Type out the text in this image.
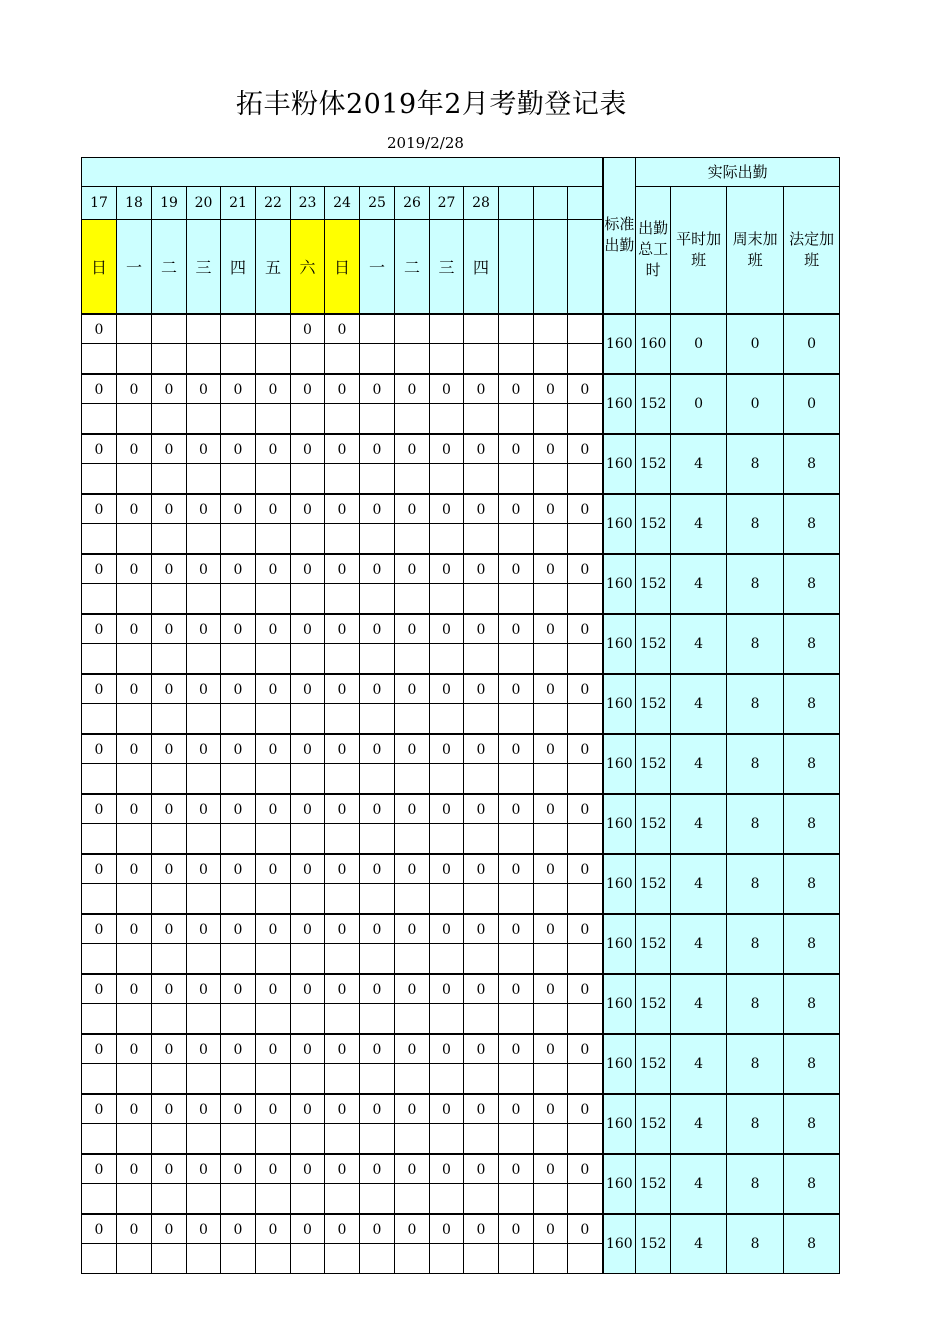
拓丰粉体2019年2月考勤登记表
2019/2/28
															标准出勤	实际出勤			
17	18	19	20	21	22	23	24	25	26	27	28					出勤总工时	平时加班	周末加班	法定加班
日	一	二	三	四	五	六	日	一	二	三	四								
0						0	0								160	160	0	0	0

0	0	0	0	0	0	0	0	0	0	0	0	0	0	0	160	152	0	0	0

0	0	0	0	0	0	0	0	0	0	0	0	0	0	0	160	152	4	8	8

0	0	0	0	0	0	0	0	0	0	0	0	0	0	0	160	152	4	8	8

0	0	0	0	0	0	0	0	0	0	0	0	0	0	0	160	152	4	8	8

0	0	0	0	0	0	0	0	0	0	0	0	0	0	0	160	152	4	8	8

0	0	0	0	0	0	0	0	0	0	0	0	0	0	0	160	152	4	8	8

0	0	0	0	0	0	0	0	0	0	0	0	0	0	0	160	152	4	8	8

0	0	0	0	0	0	0	0	0	0	0	0	0	0	0	160	152	4	8	8

0	0	0	0	0	0	0	0	0	0	0	0	0	0	0	160	152	4	8	8

0	0	0	0	0	0	0	0	0	0	0	0	0	0	0	160	152	4	8	8

0	0	0	0	0	0	0	0	0	0	0	0	0	0	0	160	152	4	8	8

0	0	0	0	0	0	0	0	0	0	0	0	0	0	0	160	152	4	8	8

0	0	0	0	0	0	0	0	0	0	0	0	0	0	0	160	152	4	8	8

0	0	0	0	0	0	0	0	0	0	0	0	0	0	0	160	152	4	8	8

0	0	0	0	0	0	0	0	0	0	0	0	0	0	0	160	152	4	8	8
